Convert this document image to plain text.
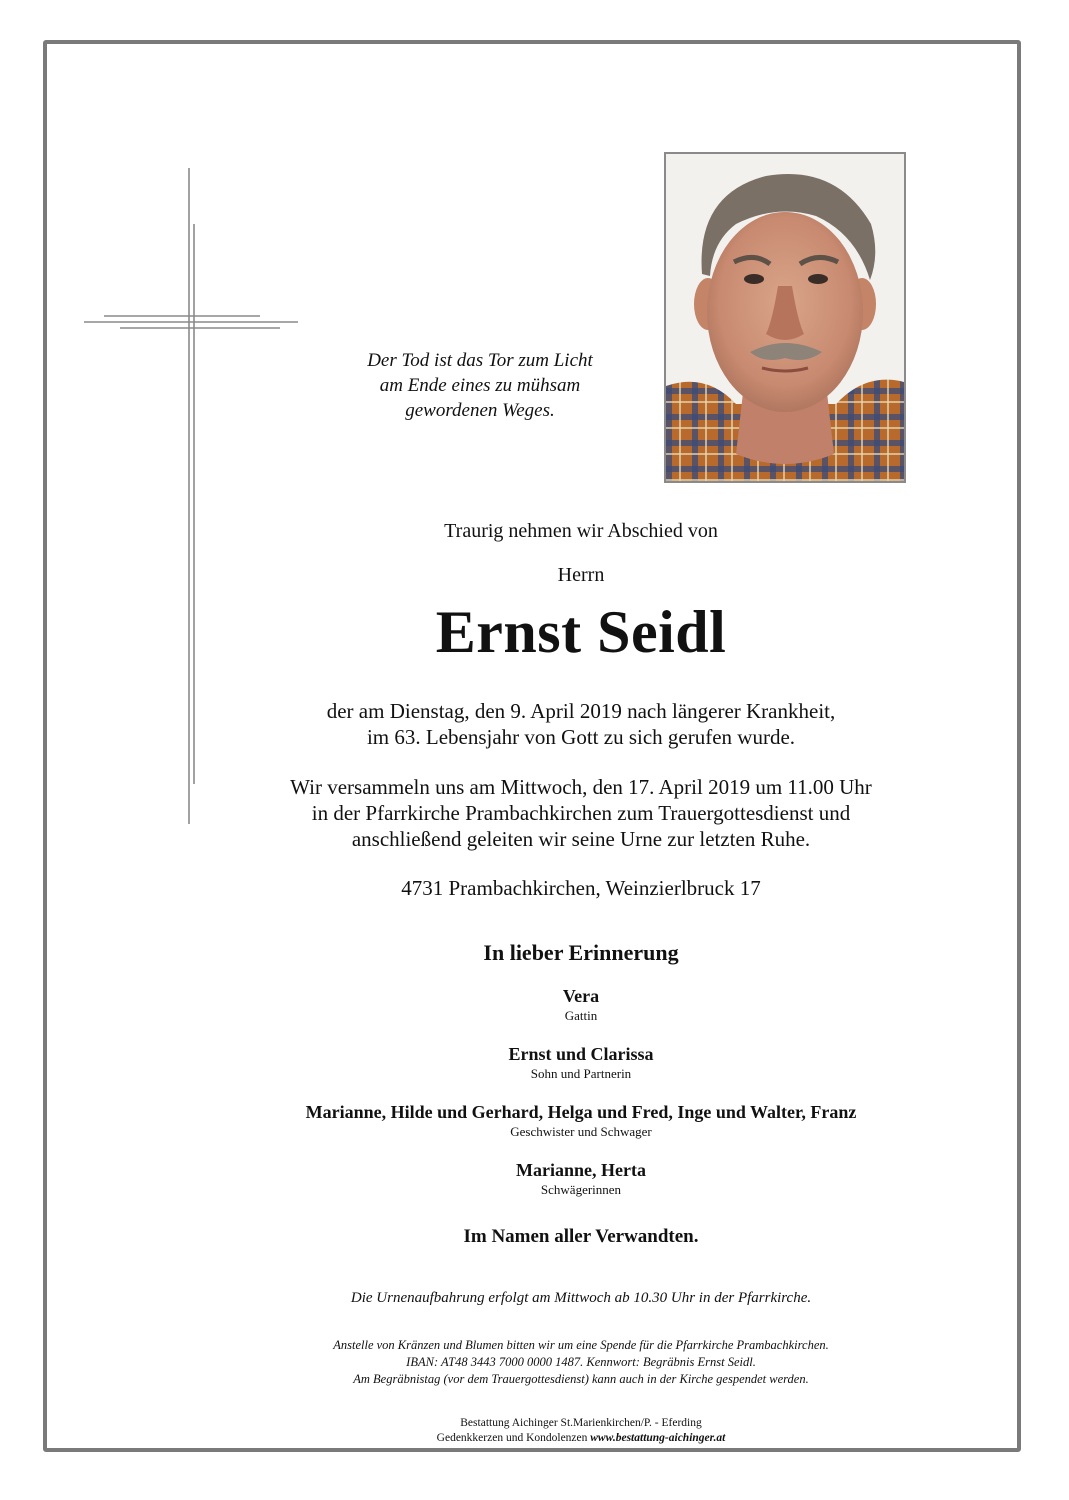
Der Tod ist das Tor zum Licht
am Ende eines zu mühsam
gewordenen Weges.
Traurig nehmen wir Abschied von
Herrn
Ernst Seidl
der am Dienstag, den 9. April 2019 nach längerer Krankheit,
im 63. Lebensjahr von Gott zu sich gerufen wurde.
Wir versammeln uns am Mittwoch, den 17. April 2019 um 11.00 Uhr
in der Pfarrkirche Prambachkirchen zum Trauergottesdienst und
anschließend geleiten wir seine Urne zur letzten Ruhe.
4731 Prambachkirchen, Weinzierlbruck 17
In lieber Erinnerung
Vera
Gattin
Ernst und Clarissa
Sohn und Partnerin
Marianne, Hilde und Gerhard, Helga und Fred, Inge und Walter, Franz
Geschwister und Schwager
Marianne, Herta
Schwägerinnen
Im Namen aller Verwandten.
Die Urnenaufbahrung erfolgt am Mittwoch ab 10.30 Uhr in der Pfarrkirche.
Anstelle von Kränzen und Blumen bitten wir um eine Spende für die Pfarrkirche Prambachkirchen.
IBAN: AT48 3443 7000 0000 1487. Kennwort: Begräbnis Ernst Seidl.
Am Begräbnistag (vor dem Trauergottesdienst) kann auch in der Kirche gespendet werden.
Bestattung Aichinger St.Marienkirchen/P. - Eferding
Gedenkkerzen und Kondolenzen www.bestattung-aichinger.at
